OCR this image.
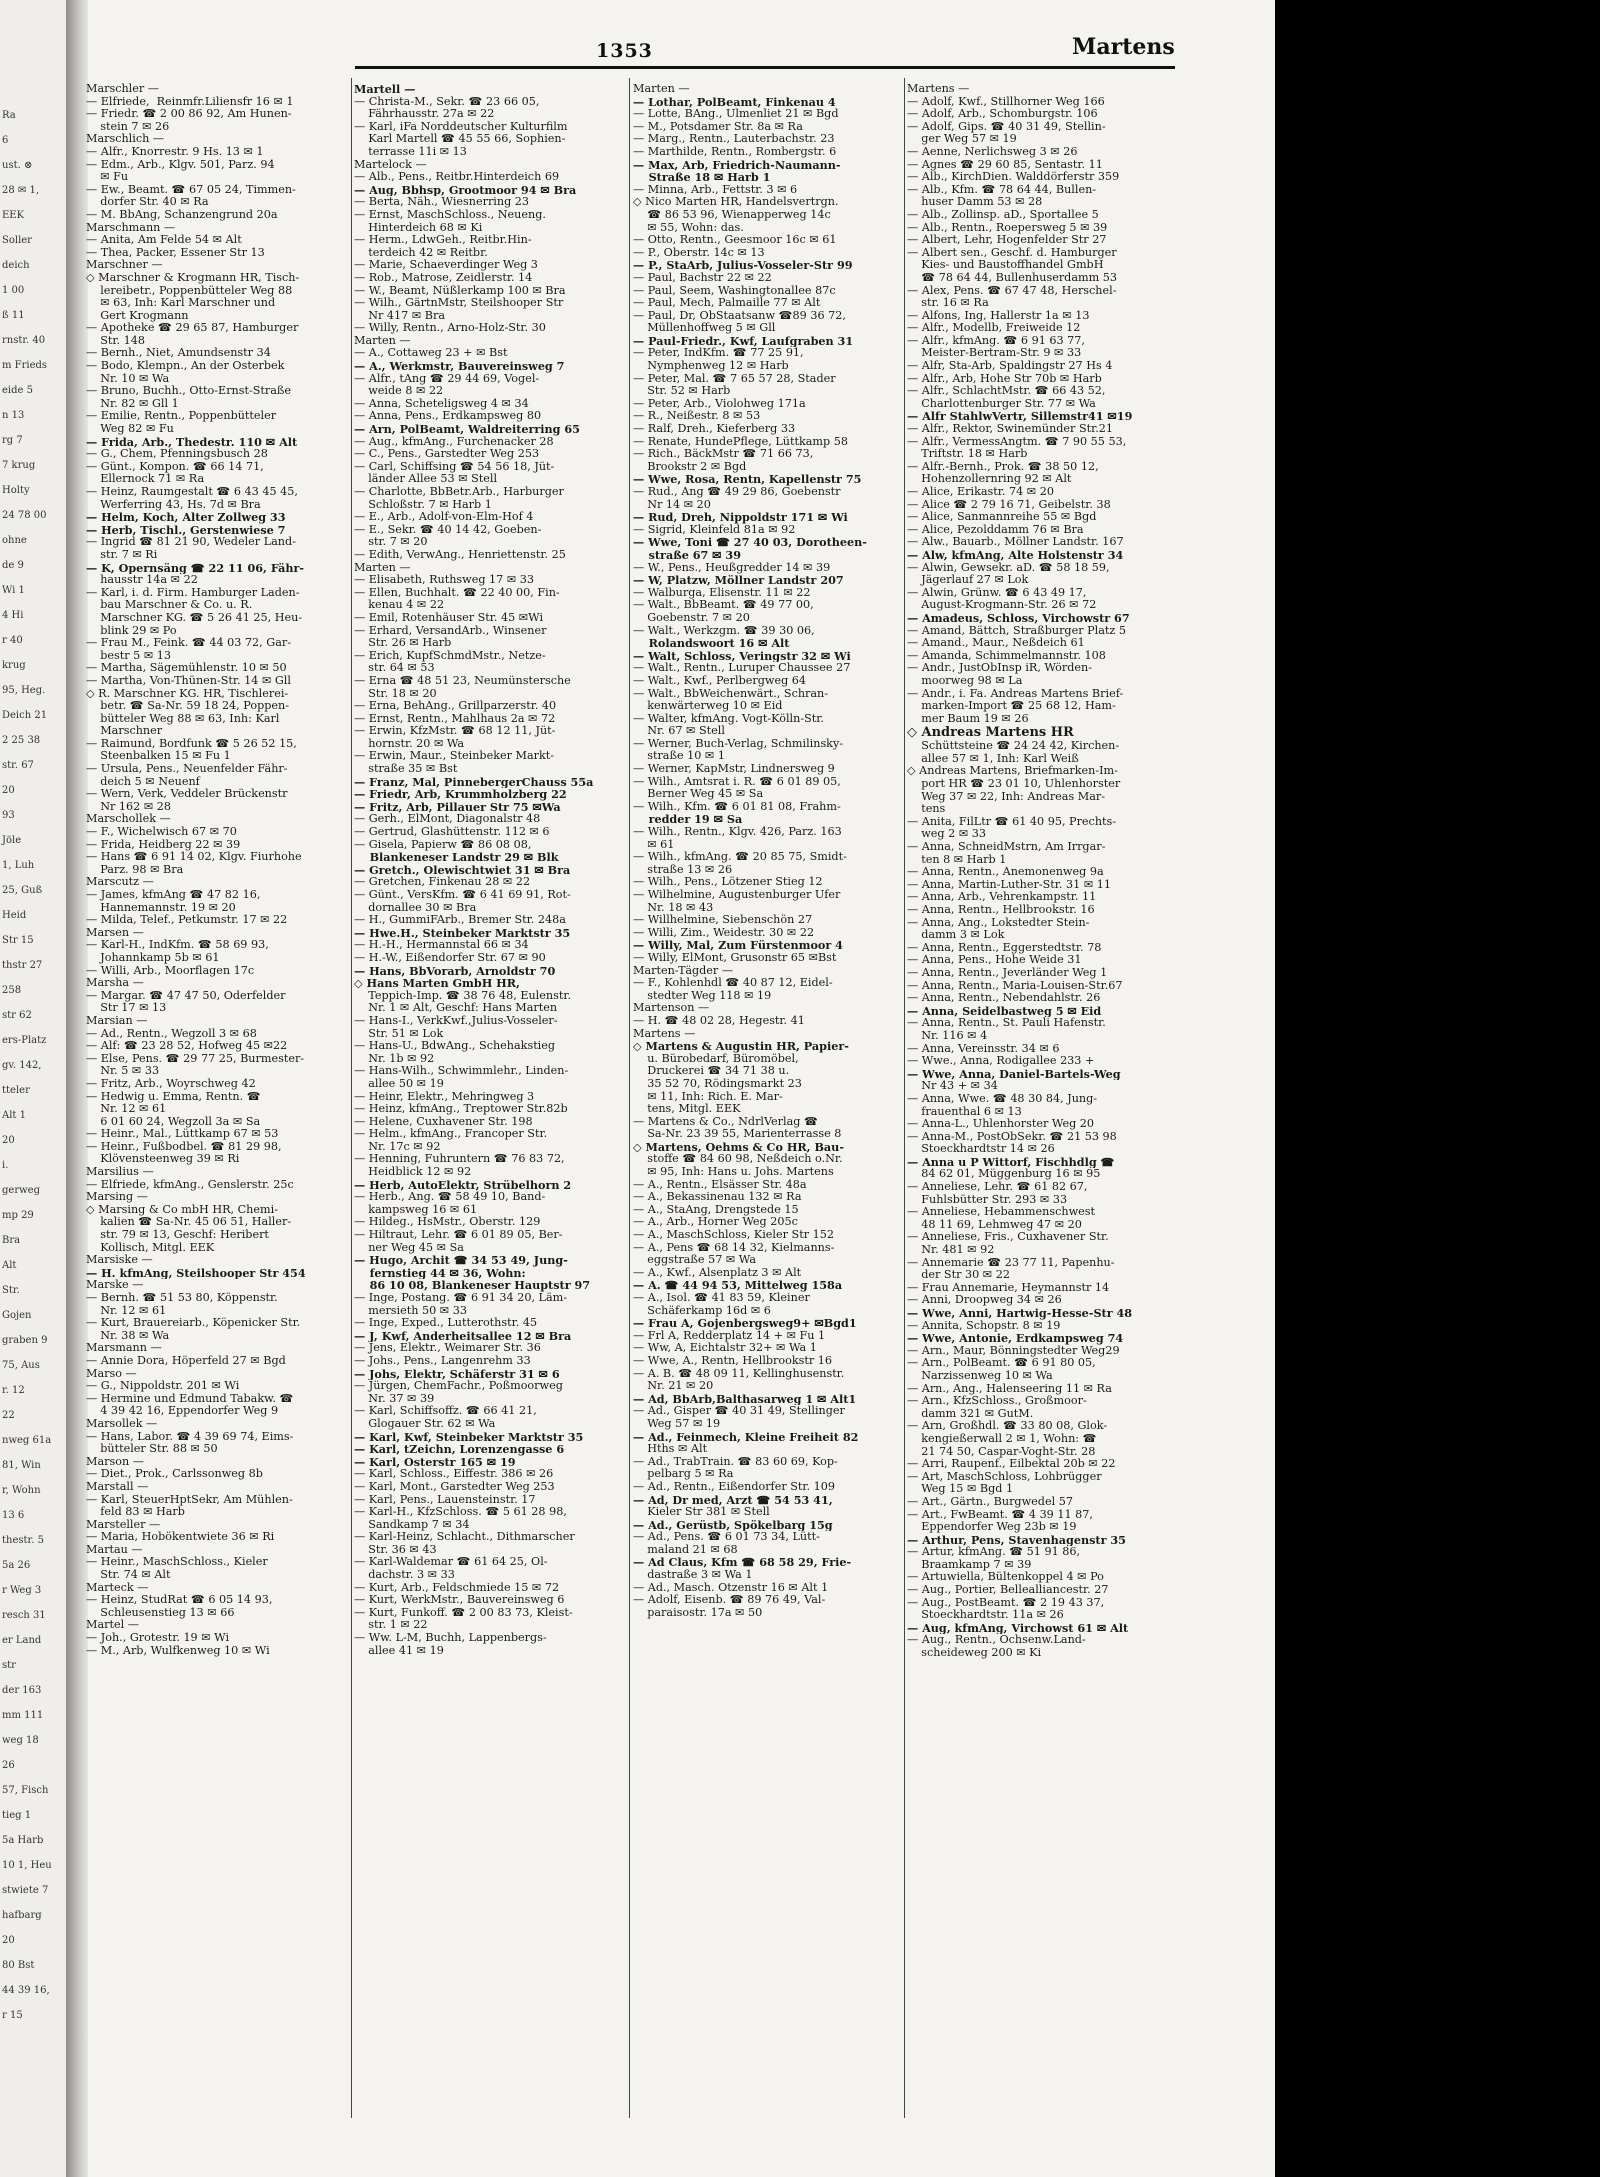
Ra
6
ust. ⊗
28 ✉ 1,
EEK
Soller
deich
1 00
ß 11
rnstr. 40
m Frieds
eide 5
n 13
rg 7
7 krug
Holty
24 78 00
ohne
de 9
Wi 1
4 Hi
r 40
krug
95, Heg.
Deich 21
2 25 38
str. 67
20
93
Jöle
1, Luh
25, Guß
Heid
Str 15
thstr 27
258
str 62
ers-Platz
gv. 142,
tteler
Alt 1
20
i.
gerweg
mp 29
Bra
Alt
Str.
Gojen
graben 9
75, Aus
r. 12
22
nweg 61a
81, Win
r, Wohn
13 6
thestr. 5
5a 26
r Weg 3
resch 31
er Land
str
der 163
mm 111
weg 18
26
57, Fisch
tieg 1
5a Harb
10 1, Heu
stwiete 7
hafbarg
20
80 Bst
44 39 16,
r 15
1353	Martens
Marschler —
— Elfriede,  Reinmfr.Liliensfr 16 ✉ 1
— Friedr. ☎ 2 00 86 92, Am Hunen-
stein 7 ✉ 26
Marschlich —
— Alfr., Knorrestr. 9 Hs. 13 ✉ 1
— Edm., Arb., Klgv. 501, Parz. 94
✉ Fu
— Ew., Beamt. ☎ 67 05 24, Timmen-
dorfer Str. 40 ✉ Ra
— M. BbAng, Schanzengrund 20a
Marschmann —
— Anita, Am Felde 54 ✉ Alt
— Thea, Packer, Essener Str 13
Marschner —
◇ Marschner & Krogmann HR, Tisch-
lereibetr., Poppenbütteler Weg 88
✉ 63, Inh: Karl Marschner und
Gert Krogmann
— Apotheke ☎ 29 65 87, Hamburger
Str. 148
— Bernh., Niet, Amundsenstr 34
— Bodo, Klempn., An der Osterbek
Nr. 10 ✉ Wa
— Bruno, Buchh., Otto-Ernst-Straße
Nr. 82 ✉ Gll 1
— Emilie, Rentn., Poppenbütteler
Weg 82 ✉ Fu
— Frida, Arb., Thedestr. 110 ✉ Alt
— G., Chem, Pfenningsbusch 28
— Günt., Kompon. ☎ 66 14 71,
Ellernock 71 ✉ Ra
— Heinz, Raumgestalt ☎ 6 43 45 45,
Werferring 43, Hs. 7d ✉ Bra
— Helm, Koch, Alter Zollweg 33
— Herb, Tischl., Gerstenwiese 7
— Ingrid ☎ 81 21 90, Wedeler Land-
str. 7 ✉ Ri
— K, Opernsäng ☎ 22 11 06, Fähr-
hausstr 14a ✉ 22
— Karl, i. d. Firm. Hamburger Laden-
bau Marschner & Co. u. R.
Marschner KG. ☎ 5 26 41 25, Heu-
blink 29 ✉ Po
— Frau M., Feink. ☎ 44 03 72, Gar-
bestr 5 ✉ 13
— Martha, Sägemühlenstr. 10 ✉ 50
— Martha, Von-Thünen-Str. 14 ✉ Gll
◇ R. Marschner KG. HR, Tischlerei-
betr. ☎ Sa-Nr. 59 18 24, Poppen-
bütteler Weg 88 ✉ 63, Inh: Karl
Marschner
— Raimund, Bordfunk ☎ 5 26 52 15,
Steenbalken 15 ✉ Fu 1
— Ursula, Pens., Neuenfelder Fähr-
deich 5 ✉ Neuenf
— Wern, Verk, Veddeler Brückenstr
Nr 162 ✉ 28
Marschollek —
— F., Wichelwisch 67 ✉ 70
— Frida, Heidberg 22 ✉ 39
— Hans ☎ 6 91 14 02, Klgv. Fiurhohe
Parz. 98 ✉ Bra
Marscutz —
— James, kfmAng ☎ 47 82 16,
Hannemannstr. 19 ✉ 20
— Milda, Telef., Petkumstr. 17 ✉ 22
Marsen —
— Karl-H., IndKfm. ☎ 58 69 93,
Johannkamp 5b ✉ 61
— Willi, Arb., Moorflagen 17c
Marsha —
— Margar. ☎ 47 47 50, Oderfelder
Str 17 ✉ 13
Marsian —
— Ad., Rentn., Wegzoll 3 ✉ 68
— Alf: ☎ 23 28 52, Hofweg 45 ✉22
— Else, Pens. ☎ 29 77 25, Burmester-
Nr. 5 ✉ 33
— Fritz, Arb., Woyrschweg 42
— Hedwig u. Emma, Rentn. ☎
Nr. 12 ✉ 61
6 01 60 24, Wegzoll 3a ✉ Sa
— Heinr., Mal., Lüttkamp 67 ✉ 53
— Heinr., Fußbodbel. ☎ 81 29 98,
Klövensteenweg 39 ✉ Ri
Marsilius —
— Elfriede, kfmAng., Genslerstr. 25c
Marsing —
◇ Marsing & Co mbH HR, Chemi-
kalien ☎ Sa-Nr. 45 06 51, Haller-
str. 79 ✉ 13, Geschf: Heribert
Kollisch, Mitgl. EEK
Marsiske —
— H. kfmAng, Steilshooper Str 454
Marske —
— Bernh. ☎ 51 53 80, Köppenstr.
Nr. 12 ✉ 61
— Kurt, Brauereiarb., Köpenicker Str.
Nr. 38 ✉ Wa
Marsmann —
— Annie Dora, Höperfeld 27 ✉ Bgd
Marso —
— G., Nippoldstr. 201 ✉ Wi
— Hermine und Edmund Tabakw. ☎
4 39 42 16, Eppendorfer Weg 9
Marsollek —
— Hans, Labor. ☎ 4 39 69 74, Eims-
bütteler Str. 88 ✉ 50
Marson —
— Diet., Prok., Carlssonweg 8b
Marstall —
— Karl, SteuerHptSekr, Am Mühlen-
feld 83 ✉ Harb
Marsteller —
— Maria, Hobökentwiete 36 ✉ Ri
Martau —
— Heinr., MaschSchloss., Kieler
Str. 74 ✉ Alt
Marteck —
— Heinz, StudRat ☎ 6 05 14 93,
Schleusenstieg 13 ✉ 66
Martel —
— Joh., Grotestr. 19 ✉ Wi
— M., Arb, Wulfkenweg 10 ✉ Wi
Martell —
— Christa-M., Sekr. ☎ 23 66 05,
Fährhausstr. 27a ✉ 22
— Karl, iFa Norddeutscher Kulturfilm
Karl Martell ☎ 45 55 66, Sophien-
terrasse 11i ✉ 13
Martelock —
— Alb., Pens., Reitbr.Hinterdeich 69
— Aug, Bbhsp, Grootmoor 94 ✉ Bra
— Berta, Näh., Wiesnerring 23
— Ernst, MaschSchloss., Neueng.
Hinterdeich 68 ✉ Ki
— Herm., LdwGeh., Reitbr.Hin-
terdeich 42 ✉ Reitbr.
— Marie, Schaeverdinger Weg 3
— Rob., Matrose, Zeidlerstr. 14
— W., Beamt, Nüßlerkamp 100 ✉ Bra
— Wilh., GärtnMstr, Steilshooper Str
Nr 417 ✉ Bra
— Willy, Rentn., Arno-Holz-Str. 30
Marten —
— A., Cottaweg 23 + ✉ Bst
— A., Werkmstr, Bauvereinsweg 7
— Alfr., tAng ☎ 29 44 69, Vogel-
weide 8 ✉ 22
— Anna, Scheteligsweg 4 ✉ 34
— Anna, Pens., Erdkampsweg 80
— Arn, PolBeamt, Waldreiterring 65
— Aug., kfmAng., Furchenacker 28
— C., Pens., Garstedter Weg 253
— Carl, Schiffsing ☎ 54 56 18, Jüt-
länder Allee 53 ✉ Stell
— Charlotte, BbBetr.Arb., Harburger
Schloßstr. 7 ✉ Harb 1
— E., Arb., Adolf-von-Elm-Hof 4
— E., Sekr. ☎ 40 14 42, Goeben-
str. 7 ✉ 20
— Edith, VerwAng., Henriettenstr. 25
Marten —
— Elisabeth, Ruthsweg 17 ✉ 33
— Ellen, Buchhalt. ☎ 22 40 00, Fin-
kenau 4 ✉ 22
— Emil, Rotenhäuser Str. 45 ✉Wi
— Erhard, VersandArb., Winsener
Str. 26 ✉ Harb
— Erich, KupfSchmdMstr., Netze-
str. 64 ✉ 53
— Erna ☎ 48 51 23, Neumünstersche
Str. 18 ✉ 20
— Erna, BehAng., Grillparzerstr. 40
— Ernst, Rentn., Mahlhaus 2a ✉ 72
— Erwin, KfzMstr. ☎ 68 12 11, Jüt-
hornstr. 20 ✉ Wa
— Erwin, Maur., Steinbeker Markt-
straße 35 ✉ Bst
— Franz, Mal, PinnebergerChauss 55a
— Friedr, Arb, Krummholzberg 22
— Fritz, Arb, Pillauer Str 75 ✉Wa
— Gerh., ElMont, Diagonalstr 48
— Gertrud, Glashüttenstr. 112 ✉ 6
— Gisela, Papierw ☎ 86 08 08,
Blankeneser Landstr 29 ✉ Blk
— Gretch., Olewischtwiet 31 ✉ Bra
— Gretchen, Finkenau 28 ✉ 22
— Günt., VersKfm. ☎ 6 41 69 91, Rot-
dornallee 30 ✉ Bra
— H., GummiFArb., Bremer Str. 248a
— Hwe.H., Steinbeker Marktstr 35
— H.-H., Hermannstal 66 ✉ 34
— H.-W., Eißendorfer Str. 67 ✉ 90
— Hans, BbVorarb, Arnoldstr 70
◇ Hans Marten GmbH HR,
Teppich-Imp. ☎ 38 76 48, Eulenstr.
Nr. 1 ✉ Alt, Geschf: Hans Marten
— Hans-I., VerkKwf.,Julius-Vosseler-
Str. 51 ✉ Lok
— Hans-U., BdwAng., Schehakstieg
Nr. 1b ✉ 92
— Hans-Wilh., Schwimmlehr., Linden-
allee 50 ✉ 19
— Heinr, Elektr., Mehringweg 3
— Heinz, kfmAng., Treptower Str.82b
— Helene, Cuxhavener Str. 198
— Helm., kfmAng., Francoper Str.
Nr. 17c ✉ 92
— Henning, Fuhruntern ☎ 76 83 72,
Heidblick 12 ✉ 92
— Herb, AutoElektr, Strübelhorn 2
— Herb., Ang. ☎ 58 49 10, Band-
kampsweg 16 ✉ 61
— Hildeg., HsMstr., Oberstr. 129
— Hiltraut, Lehr. ☎ 6 01 89 05, Ber-
ner Weg 45 ✉ Sa
— Hugo, Archit ☎ 34 53 49, Jung-
fernstieg 44 ✉ 36, Wohn:
86 10 08, Blankeneser Hauptstr 97
— Inge, Postang. ☎ 6 91 34 20, Läm-
mersieth 50 ✉ 33
— Inge, Exped., Lutterothstr. 45
— J, Kwf, Anderheitsallee 12 ✉ Bra
— Jens, Elektr., Weimarer Str. 36
— Johs., Pens., Langenrehm 33
— Johs, Elektr, Schäferstr 31 ✉ 6
— Jürgen, ChemFachr., Poßmoorweg
Nr. 37 ✉ 39
— Karl, Schiffsoffz. ☎ 66 41 21,
Glogauer Str. 62 ✉ Wa
— Karl, Kwf, Steinbeker Marktstr 35
— Karl, tZeichn, Lorenzengasse 6
— Karl, Osterstr 165 ✉ 19
— Karl, Schloss., Eiffestr. 386 ✉ 26
— Karl, Mont., Garstedter Weg 253
— Karl, Pens., Lauensteinstr. 17
— Karl-H., KfzSchloss. ☎ 5 61 28 98,
Sandkamp 7 ✉ 34
— Karl-Heinz, Schlacht., Dithmarscher
Str. 36 ✉ 43
— Karl-Waldemar ☎ 61 64 25, Ol-
dachstr. 3 ✉ 33
— Kurt, Arb., Feldschmiede 15 ✉ 72
— Kurt, WerkMstr., Bauvereinsweg 6
— Kurt, Funkoff. ☎ 2 00 83 73, Kleist-
str. 1 ✉ 22
— Ww. L-M, Buchh, Lappenbergs-
allee 41 ✉ 19
Marten —
— Lothar, PolBeamt, Finkenau 4
— Lotte, BAng., Ulmenliet 21 ✉ Bgd
— M., Potsdamer Str. 8a ✉ Ra
— Marg., Rentn., Lauterbachstr. 23
— Marthilde, Rentn., Rombergstr. 6
— Max, Arb, Friedrich-Naumann-
Straße 18 ✉ Harb 1
— Minna, Arb., Fettstr. 3 ✉ 6
◇ Nico Marten HR, Handelsvertrgn.
☎ 86 53 96, Wienapperweg 14c
✉ 55, Wohn: das.
— Otto, Rentn., Geesmoor 16c ✉ 61
— P., Oberstr. 14c ✉ 13
— P., StaArb, Julius-Vosseler-Str 99
— Paul, Bachstr 22 ✉ 22
— Paul, Seem, Washingtonallee 87c
— Paul, Mech, Palmaille 77 ✉ Alt
— Paul, Dr, ObStaatsanw ☎89 36 72,
Müllenhoffweg 5 ✉ Gll
— Paul-Friedr., Kwf, Laufgraben 31
— Peter, IndKfm. ☎ 77 25 91,
Nymphenweg 12 ✉ Harb
— Peter, Mal. ☎ 7 65 57 28, Stader
Str. 52 ✉ Harb
— Peter, Arb., Violohweg 171a
— R., Neißestr. 8 ✉ 53
— Ralf, Dreh., Kieferberg 33
— Renate, HundePflege, Lüttkamp 58
— Rich., BäckMstr ☎ 71 66 73,
Brookstr 2 ✉ Bgd
— Wwe, Rosa, Rentn, Kapellenstr 75
— Rud., Ang ☎ 49 29 86, Goebenstr
Nr 14 ✉ 20
— Rud, Dreh, Nippoldstr 171 ✉ Wi
— Sigrid, Kleinfeld 81a ✉ 92
— Wwe, Toni ☎ 27 40 03, Dorotheen-
straße 67 ✉ 39
— W., Pens., Heußgredder 14 ✉ 39
— W, Platzw, Möllner Landstr 207
— Walburga, Elisenstr. 11 ✉ 22
— Walt., BbBeamt. ☎ 49 77 00,
Goebenstr. 7 ✉ 20
— Walt., Werkzgm. ☎ 39 30 06,
Rolandswoort 16 ✉ Alt
— Walt, Schloss, Veringstr 32 ✉ Wi
— Walt., Rentn., Luruper Chaussee 27
— Walt., Kwf., Perlbergweg 64
— Walt., BbWeichenwärt., Schran-
kenwärterweg 10 ✉ Eid
— Walter, kfmAng. Vogt-Kölln-Str.
Nr. 67 ✉ Stell
— Werner, Buch-Verlag, Schmilinsky-
straße 10 ✉ 1
— Werner, KapMstr, Lindnersweg 9
— Wilh., Amtsrat i. R. ☎ 6 01 89 05,
Berner Weg 45 ✉ Sa
— Wilh., Kfm. ☎ 6 01 81 08, Frahm-
redder 19 ✉ Sa
— Wilh., Rentn., Klgv. 426, Parz. 163
✉ 61
— Wilh., kfmAng. ☎ 20 85 75, Smidt-
straße 13 ✉ 26
— Wilh., Pens., Lötzener Stieg 12
— Wilhelmine, Augustenburger Ufer
Nr. 18 ✉ 43
— Willhelmine, Siebenschön 27
— Willi, Zim., Weidestr. 30 ✉ 22
— Willy, Mal, Zum Fürstenmoor 4
— Willy, ElMont, Grusonstr 65 ✉Bst
Marten-Tägder —
— F., Kohlenhdl ☎ 40 87 12, Eidel-
stedter Weg 118 ✉ 19
Martenson —
— H. ☎ 48 02 28, Hegestr. 41
Martens —
◇ Martens & Augustin HR, Papier-
u. Bürobedarf, Büromöbel,
Druckerei ☎ 34 71 38 u.
35 52 70, Rödingsmarkt 23
✉ 11, Inh: Rich. E. Mar-
tens, Mitgl. EEK
— Martens & Co., NdrlVerlag ☎
Sa-Nr. 23 39 55, Marienterrasse 8
◇ Martens, Oehms & Co HR, Bau-
stoffe ☎ 84 60 98, Neßdeich o.Nr.
✉ 95, Inh: Hans u. Johs. Martens
— A., Rentn., Elsässer Str. 48a
— A., Bekassinenau 132 ✉ Ra
— A., StaAng, Drengstede 15
— A., Arb., Horner Weg 205c
— A., MaschSchloss, Kieler Str 152
— A., Pens ☎ 68 14 32, Kielmanns-
eggstraße 57 ✉ Wa
— A., Kwf., Alsenplatz 3 ✉ Alt
— A. ☎ 44 94 53, Mittelweg 158a
— A., Isol. ☎ 41 83 59, Kleiner
Schäferkamp 16d ✉ 6
— Frau A, Gojenbergsweg9+ ✉Bgd1
— Frl A, Redderplatz 14 + ✉ Fu 1
— Ww, A, Eichtalstr 32+ ✉ Wa 1
— Wwe, A., Rentn, Hellbrookstr 16
— A. B. ☎ 48 09 11, Kellinghusenstr.
Nr. 21 ✉ 20
— Ad, BbArb,Balthasarweg 1 ✉ Alt1
— Ad., Gisper ☎ 40 31 49, Stellinger
Weg 57 ✉ 19
— Ad., Feinmech, Kleine Freiheit 82
Hths ✉ Alt
— Ad., TrabTrain. ☎ 83 60 69, Kop-
pelbarg 5 ✉ Ra
— Ad., Rentn., Eißendorfer Str. 109
— Ad, Dr med, Arzt ☎ 54 53 41,
Kieler Str 381 ✉ Stell
— Ad., Gerüstb, Spökelbarg 15g
— Ad., Pens. ☎ 6 01 73 34, Lütt-
maland 21 ✉ 68
— Ad Claus, Kfm ☎ 68 58 29, Frie-
dastraße 3 ✉ Wa 1
— Ad., Masch. Otzenstr 16 ✉ Alt 1
— Adolf, Eisenb. ☎ 89 76 49, Val-
paraisostr. 17a ✉ 50
Martens —
— Adolf, Kwf., Stillhorner Weg 166
— Adolf, Arb., Schomburgstr. 106
— Adolf, Gips. ☎ 40 31 49, Stellin-
ger Weg 57 ✉ 19
— Aenne, Nerlichsweg 3 ✉ 26
— Agnes ☎ 29 60 85, Sentastr. 11
— Alb., KirchDien. Walddörferstr 359
— Alb., Kfm. ☎ 78 64 44, Bullen-
huser Damm 53 ✉ 28
— Alb., Zollinsp. aD., Sportallee 5
— Alb., Rentn., Roepersweg 5 ✉ 39
— Albert, Lehr, Hogenfelder Str 27
— Albert sen., Geschf. d. Hamburger
Kies- und Baustoffhandel GmbH
☎ 78 64 44, Bullenhuserdamm 53
— Alex, Pens. ☎ 67 47 48, Herschel-
str. 16 ✉ Ra
— Alfons, Ing, Hallerstr 1a ✉ 13
— Alfr., Modellb, Freiweide 12
— Alfr., kfmAng. ☎ 6 91 63 77,
Meister-Bertram-Str. 9 ✉ 33
— Alfr, Sta-Arb, Spaldingstr 27 Hs 4
— Alfr., Arb, Hohe Str 70b ✉ Harb
— Alfr., SchlachtMstr. ☎ 66 43 52,
Charlottenburger Str. 77 ✉ Wa
— Alfr StahlwVertr, Sillemstr41 ✉19
— Alfr., Rektor, Swinemünder Str.21
— Alfr., VermessAngtm. ☎ 7 90 55 53,
Triftstr. 18 ✉ Harb
— Alfr.-Bernh., Prok. ☎ 38 50 12,
Hohenzollernring 92 ✉ Alt
— Alice, Erikastr. 74 ✉ 20
— Alice ☎ 2 79 16 71, Geibelstr. 38
— Alice, Sanmannreihe 55 ✉ Bgd
— Alice, Pezolddamm 76 ✉ Bra
— Alw., Bauarb., Möllner Landstr. 167
— Alw, kfmAng, Alte Holstenstr 34
— Alwin, Gewsekr. aD. ☎ 58 18 59,
Jägerlauf 27 ✉ Lok
— Alwin, Grünw. ☎ 6 43 49 17,
August-Krogmann-Str. 26 ✉ 72
— Amadeus, Schloss, Virchowstr 67
— Amand, Bättch, Straßburger Platz 5
— Amand., Maur., Neßdeich 61
— Amanda, Schimmelmannstr. 108
— Andr., JustObInsp iR, Wörden-
moorweg 98 ✉ La
— Andr., i. Fa. Andreas Martens Brief-
marken-Import ☎ 25 68 12, Ham-
mer Baum 19 ✉ 26
◇ Andreas Martens HR
Schüttsteine ☎ 24 24 42, Kirchen-
allee 57 ✉ 1, Inh: Karl Weiß
◇ Andreas Martens, Briefmarken-Im-
port HR ☎ 23 01 10, Uhlenhorster
Weg 37 ✉ 22, Inh: Andreas Mar-
tens
— Anita, FilLtr ☎ 61 40 95, Prechts-
weg 2 ✉ 33
— Anna, SchneidMstrn, Am Irrgar-
ten 8 ✉ Harb 1
— Anna, Rentn., Anemonenweg 9a
— Anna, Martin-Luther-Str. 31 ✉ 11
— Anna, Arb., Vehrenkampstr. 11
— Anna, Rentn., Hellbrookstr. 16
— Anna, Ang., Lokstedter Stein-
damm 3 ✉ Lok
— Anna, Rentn., Eggerstedtstr. 78
— Anna, Pens., Hohe Weide 31
— Anna, Rentn., Jeverländer Weg 1
— Anna, Rentn., Maria-Louisen-Str.67
— Anna, Rentn., Nebendahlstr. 26
— Anna, Seidelbastweg 5 ✉ Eid
— Anna, Rentn., St. Pauli Hafenstr.
Nr. 116 ✉ 4
— Anna, Vereinsstr. 34 ✉ 6
— Wwe., Anna, Rodigallee 233 +
— Wwe, Anna, Daniel-Bartels-Weg
Nr 43 + ✉ 34
— Anna, Wwe. ☎ 48 30 84, Jung-
frauenthal 6 ✉ 13
— Anna-L., Uhlenhorster Weg 20
— Anna-M., PostObSekr. ☎ 21 53 98
Stoeckhardtstr 14 ✉ 26
— Anna u P Wittorf, Fischhdlg ☎
84 62 01, Müggenburg 16 ✉ 95
— Anneliese, Lehr. ☎ 61 82 67,
Fuhlsbütter Str. 293 ✉ 33
— Anneliese, Hebammenschwest
48 11 69, Lehmweg 47 ✉ 20
— Anneliese, Fris., Cuxhavener Str.
Nr. 481 ✉ 92
— Annemarie ☎ 23 77 11, Papenhu-
der Str 30 ✉ 22
— Frau Annemarie, Heymannstr 14
— Anni, Droopweg 34 ✉ 26
— Wwe, Anni, Hartwig-Hesse-Str 48
— Annita, Schopstr. 8 ✉ 19
— Wwe, Antonie, Erdkampsweg 74
— Arn., Maur, Bönningstedter Weg29
— Arn., PolBeamt. ☎ 6 91 80 05,
Narzissenweg 10 ✉ Wa
— Arn., Ang., Halenseering 11 ✉ Ra
— Arn., KfzSchloss., Großmoor-
damm 321 ✉ GutM.
— Arn, Großhdl. ☎ 33 80 08, Glok-
kengießerwall 2 ✉ 1, Wohn: ☎
21 74 50, Caspar-Voght-Str. 28
— Arri, Raupenf., Eilbektal 20b ✉ 22
— Art, MaschSchloss, Lohbrügger
Weg 15 ✉ Bgd 1
— Art., Gärtn., Burgwedel 57
— Art., FwBeamt. ☎ 4 39 11 87,
Eppendorfer Weg 23b ✉ 19
— Arthur, Pens, Stavenhagenstr 35
— Artur, kfmAng. ☎ 51 91 86,
Braamkamp 7 ✉ 39
— Artuwiella, Bültenkoppel 4 ✉ Po
— Aug., Portier, Bellealliancestr. 27
— Aug., PostBeamt. ☎ 2 19 43 37,
Stoeckhardtstr. 11a ✉ 26
— Aug, kfmAng, Virchowst 61 ✉ Alt
— Aug., Rentn., Ochsenw.Land-
scheideweg 200 ✉ Ki
